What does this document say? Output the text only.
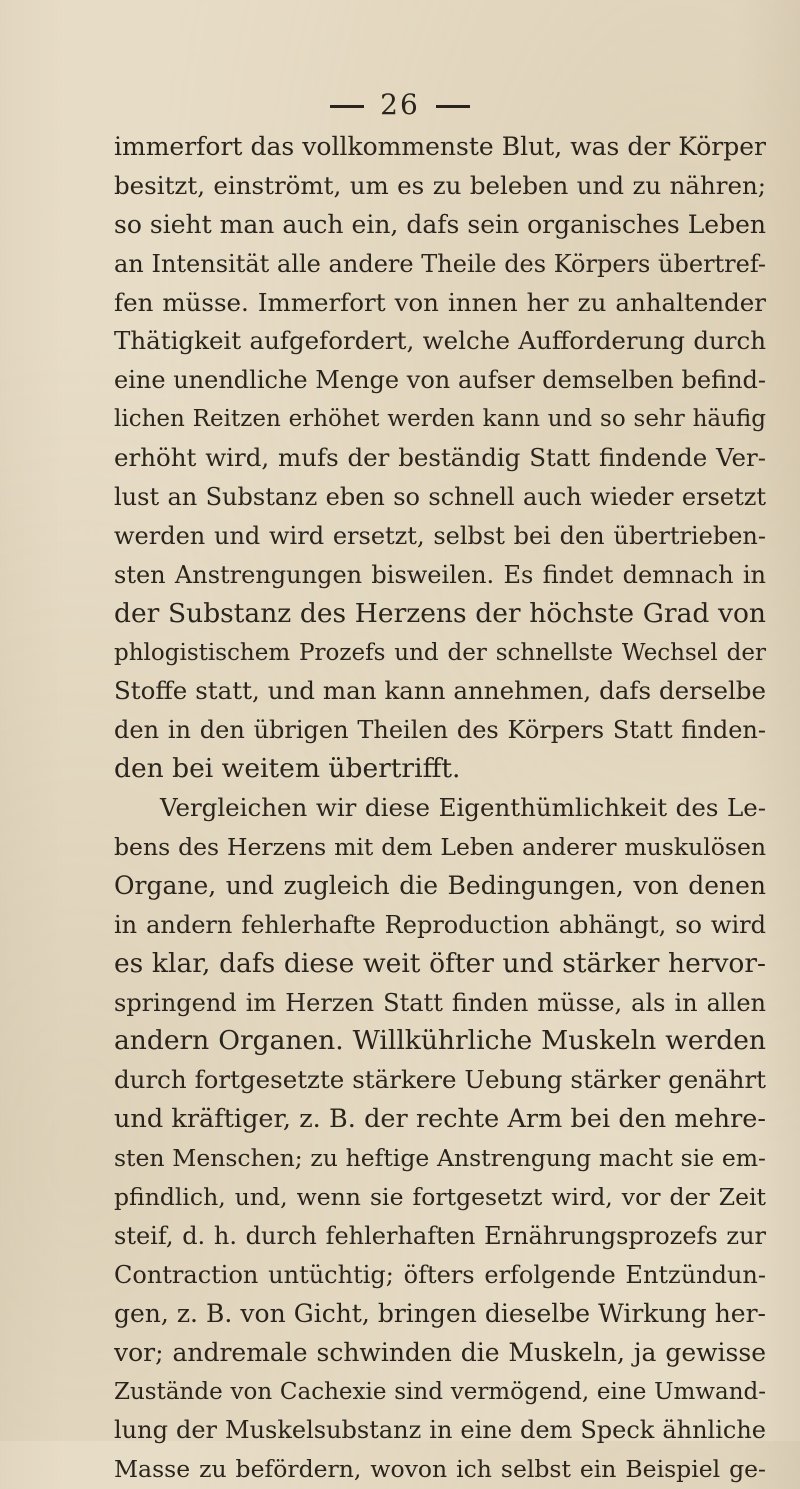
26
immerfort das vollkommenste Blut, was der Körper
besitzt, einströmt, um es zu beleben und zu nähren;
so sieht man auch ein, dafs sein organisches Leben
an Intensität alle andere Theile des Körpers übertref-
fen müsse. Immerfort von innen her zu anhaltender
Thätigkeit aufgefordert, welche Aufforderung durch
eine unendliche Menge von aufser demselben befind-
lichen Reitzen erhöhet werden kann und so sehr häufig
erhöht wird, mufs der beständig Statt findende Ver-
lust an Substanz eben so schnell auch wieder ersetzt
werden und wird ersetzt, selbst bei den übertrieben-
sten Anstrengungen bisweilen. Es findet demnach in
der Substanz des Herzens der höchste Grad von
phlogistischem Prozefs und der schnellste Wechsel der
Stoffe statt, und man kann annehmen, dafs derselbe
den in den übrigen Theilen des Körpers Statt finden-
den bei weitem übertrifft.
Vergleichen wir diese Eigenthümlichkeit des Le-
bens des Herzens mit dem Leben anderer muskulösen
Organe, und zugleich die Bedingungen, von denen
in andern fehlerhafte Reproduction abhängt, so wird
es klar, dafs diese weit öfter und stärker hervor-
springend im Herzen Statt finden müsse, als in allen
andern Organen. Willkührliche Muskeln werden
durch fortgesetzte stärkere Uebung stärker genährt
und kräftiger, z. B. der rechte Arm bei den mehre-
sten Menschen; zu heftige Anstrengung macht sie em-
pfindlich, und, wenn sie fortgesetzt wird, vor der Zeit
steif, d. h. durch fehlerhaften Ernährungsprozefs zur
Contraction untüchtig; öfters erfolgende Entzündun-
gen, z. B. von Gicht, bringen dieselbe Wirkung her-
vor; andremale schwinden die Muskeln, ja gewisse
Zustände von Cachexie sind vermögend, eine Umwand-
lung der Muskelsubstanz in eine dem Speck ähnliche
Masse zu befördern, wovon ich selbst ein Beispiel ge-
